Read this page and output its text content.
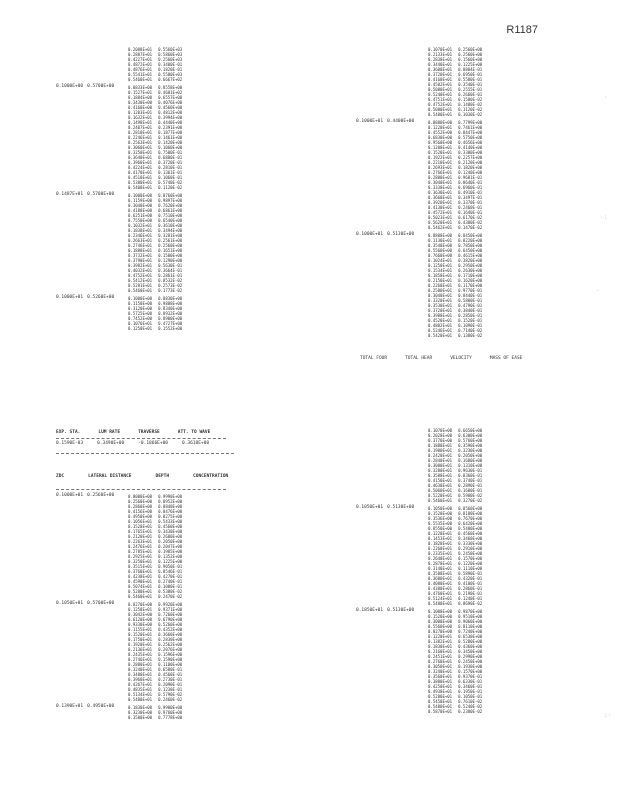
R1187
0.2088E+01 0.5560E+03
0.2887E+01 0.5860E+03
0.4227E+01 0.2560E+03
0.4872E+01 0.3480E-01
0.4876E+01 0.1820E-01
0.5541E+01 0.5580E+03
0.5460E+01 0.6667E+02
0.1000E+00 0.5700E+00	0.8833E+00 0.8558E+00
0.1527E+01 0.4681E+02
0.1884E+00 0.6557E+00
0.3430E+00 0.4076E+00
0.4160E+00 0.4560E+00
0.1203E+01 0.4812E+00
0.1632E+01 0.3994E+00
0.1498E+01 0.4440E+00
0.2407E+01 0.2391E+00
0.2810E+01 0.1877E+00
0.2246E+01 0.1461E+00
0.2563E+01 0.1420E+00
0.3060E+01 0.1060E+00
0.3250E+01 0.7500E-01
0.3640E+01 0.6880E-01
0.3960E+01 0.3720E-01
0.4224E+01 0.2810E-01
0.4170E+01 0.1361E-01
0.4510E+01 0.1060E-01
0.5380E+01 0.5740E-02
0.5400E+01 0.1120E-02
0.1487E+01 0.5700E+00	0.1000E+00 0.8760E+00
0.1159E+00 0.9897E+00
0.3040E+00 0.7620E+00
0.4188E+00 0.6861E+00
0.6251E+00 0.7510E+00
0.7550E+00 0.6540E+00
0.1032E+01 0.3610E+00
0.1838E+01 0.3494E+00
0.2346E+01 0.3281E+00
0.2663E+01 0.2561E+00
0.2746E+01 0.2560E+00
0.1888E+01 0.1651E+00
0.3732E+01 0.1500E+00
0.3790E+01 0.1290E+00
0.3982E+01 0.5630E-01
0.4032E+01 0.3664E-01
0.4752E+01 0.2861E-01
0.5412E+01 0.8532E-02
0.5281E+01 0.2573E-02
0.5460E+01 0.1773E-02
0.1000E+01 0.5260E+00	0.1000E+00 0.8830E+00
0.1150E+00 0.9888E+00
0.3120E+00 0.8340E+00
0.5725E+00 0.8932E+00
0.7452E+00 0.8900E+00
0.1076E+01 0.4727E+00
0.1250E+01 0.1552E+00
0.1070E+01 0.2560E+00
0.2133E+01 0.2560E+00
0.2830E+01 0.1560E+00
0.3440E+01 0.1225E+00
0.3680E+01 0.8804E-01
0.3720E+01 0.6950E-01
0.4160E+01 0.5580E-01
0.4582E+01 0.3540E-01
0.5080E+01 0.2555E-01
0.5240E+01 0.2660E-01
0.4751E+01 0.1580E-02
0.4752E+01 0.1480E-02
0.5080E+01 0.1120E-02
0.5480E+01 0.1030E-02
0.1000E+01 0.4400E+00	0.8880E+00 0.7799E+00
0.1220E+01 0.7461E+00
0.4552E+00 0.8447E+00
0.6830E+00 0.5750E+00
0.9560E+00 0.4656E+00
0.1200E+01 0.4140E+00
0.1520E+01 0.3300E+00
0.1922E+01 0.2257E+00
0.2210E+01 0.2120E+00
0.2693E+01 0.1820E+00
0.2766E+01 0.1240E+00
0.2880E+01 0.9681E-01
0.3040E+01 0.8640E-01
0.3330E+01 0.6960E-01
0.3630E+01 0.4910E-01
0.3660E+01 0.3497E-01
0.3920E+01 0.3370E-01
0.4130E+01 0.2460E-01
0.4572E+01 0.1640E-01
0.5023E+01 0.6170E-02
0.5620E+01 0.4380E-02
0.5462E+01 0.1470E-02
0.1000E+01 0.5130E+00	0.8800E+00 0.8450E+00
0.1130E+01 0.8220E+00
0.3540E+00 0.7850E+00
0.5560E+00 0.6450E+00
0.7660E+00 0.4615E+00
0.1024E+01 0.3820E+00
0.1250E+01 0.2950E+00
0.1534E+01 0.2630E+00
0.1850E+01 0.1710E+00
0.2150E+01 0.1620E+00
0.2260E+01 0.1170E+00
0.2580E+01 0.9770E-01
0.3040E+01 0.8440E-01
0.3320E+01 0.5800E-01
0.3530E+01 0.4790E-01
0.3720E+01 0.3840E-01
0.3980E+01 0.2850E-01
0.4520E+01 0.1520E-01
0.4802E+01 0.1090E-01
0.5246E+01 0.7140E-02
0.5420E+01 0.1380E-02
0.1000E+01 0.2560E+00	0.0000E+00 0.9990E+00
0.2560E+00 0.8952E+00
0.2860E+00 0.8840E+00
0.4156E+00 0.8476E+00
0.4950E+00 0.8275E+00
0.1056E+01 0.5433E+00
0.1520E+01 0.4560E+00
0.1765E+01 0.3430E+00
0.2120E+01 0.2680E+00
0.2263E+01 0.2050E+00
0.2476E+01 0.2047E+00
0.2785E+01 0.1985E+00
0.2925E+01 0.1352E+00
0.3250E+01 0.1225E+00
0.3515E+01 0.9050E-01
0.3760E+01 0.8546E-01
0.4230E+01 0.4270E-01
0.4590E+01 0.2740E-01
0.5074E+01 0.1000E-01
0.5280E+01 0.5380E-02
0.5460E+01 0.2470E-02
0.1050E+01 0.5700E+00	0.8270E+00 0.9920E+00
0.1258E+01 0.9371E+00
0.3042E+00 0.7260E+00
0.6120E+00 0.6790E+00
0.9330E+00 0.5260E+00
0.1155E+01 0.4352E+00
0.1520E+01 0.3660E+00
0.1750E+01 0.2830E+00
0.1920E+01 0.2562E+00
0.2136E+01 0.2076E+00
0.2435E+01 0.1596E+00
0.2746E+01 0.1590E+00
0.2880E+01 0.1180E+00
0.3240E+01 0.6580E-01
0.3480E+01 0.4560E-01
0.3960E+01 0.2730E-01
0.4267E+01 0.2090E-01
0.4835E+01 0.1230E-01
0.5134E+01 0.5790E-02
0.5480E+01 0.2460E-02
0.1390E+01 0.4950E+00	0.1830E+00 0.9900E+00
0.3230E+00 0.9760E+00
0.3580E+00 0.7778E+00
0.1070E+00 0.6650E+00
0.2020E+00 0.6300E+00
0.3770E+00 0.5760E+00
0.1880E+01 0.3590E+00
0.1980E+01 0.3230E+00
0.2420E+01 0.2050E+00
0.2840E+01 0.1680E+00
0.3080E+01 0.1310E+00
0.3280E+01 0.9630E-01
0.3580E+01 0.8360E-01
0.4150E+01 0.3740E-01
0.4630E+01 0.2890E-01
0.5060E+01 0.1680E-01
0.5220E+01 0.5980E-02
0.5460E+01 0.3270E-02
0.1050E+01 0.5130E+00	0.1050E+00 0.8560E+00
0.1520E+00 0.8180E+00
0.3536E+00 0.7670E+00
0.5535E+00 0.6420E+00
0.8550E+00 0.5480E+00
0.1220E+01 0.4560E+00
0.1453E+01 0.3460E+00
0.1828E+01 0.3330E+00
0.2260E+01 0.2910E+00
0.2335E+01 0.2450E+00
0.2640E+01 0.1570E+00
0.2870E+01 0.1220E+00
0.3140E+01 0.1110E+00
0.3588E+01 0.5890E-01
0.3680E+01 0.4320E-01
0.4080E+01 0.4100E-01
0.4380E+01 0.2860E-01
0.4760E+01 0.2190E-01
0.5124E+01 0.1240E-01
0.5480E+01 0.8690E-02
0.1850E+01 0.5130E+00	0.1000E+00 0.9870E+00
0.1520E+00 0.9510E+00
0.3000E+00 0.9060E+00
0.5560E+00 0.8110E+00
0.8270E+00 0.7240E+00
0.1220E+01 0.6530E+00
0.1382E+01 0.5280E+00
0.1830E+01 0.4360E+00
0.2160E+01 0.3450E+00
0.2451E+01 0.2990E+00
0.2760E+01 0.2450E+00
0.3050E+01 0.1930E+00
0.3240E+01 0.1570E+00
0.3560E+01 0.9370E-01
0.3880E+01 0.6330E-01
0.4250E+01 0.3460E-01
0.4930E+01 0.1950E-01
0.5280E+01 0.1050E-01
0.5450E+01 0.7610E-02
0.5480E+01 0.5240E-02
0.5870E+01 0.2380E-02
EXP. STA.	LUM RATE	TRAVERSE	ATT. TO WAVE
0.1590E-03	0.3490E+00	-0.1866E+00	0.3618E+00
ZDC	LATERAL DISTANCE	DEPTH	CONCENTRATION
TOTAL FOUR	TOTAL HEAR	VELOCITY	MASS OF EASE
·
·:
.
:·
